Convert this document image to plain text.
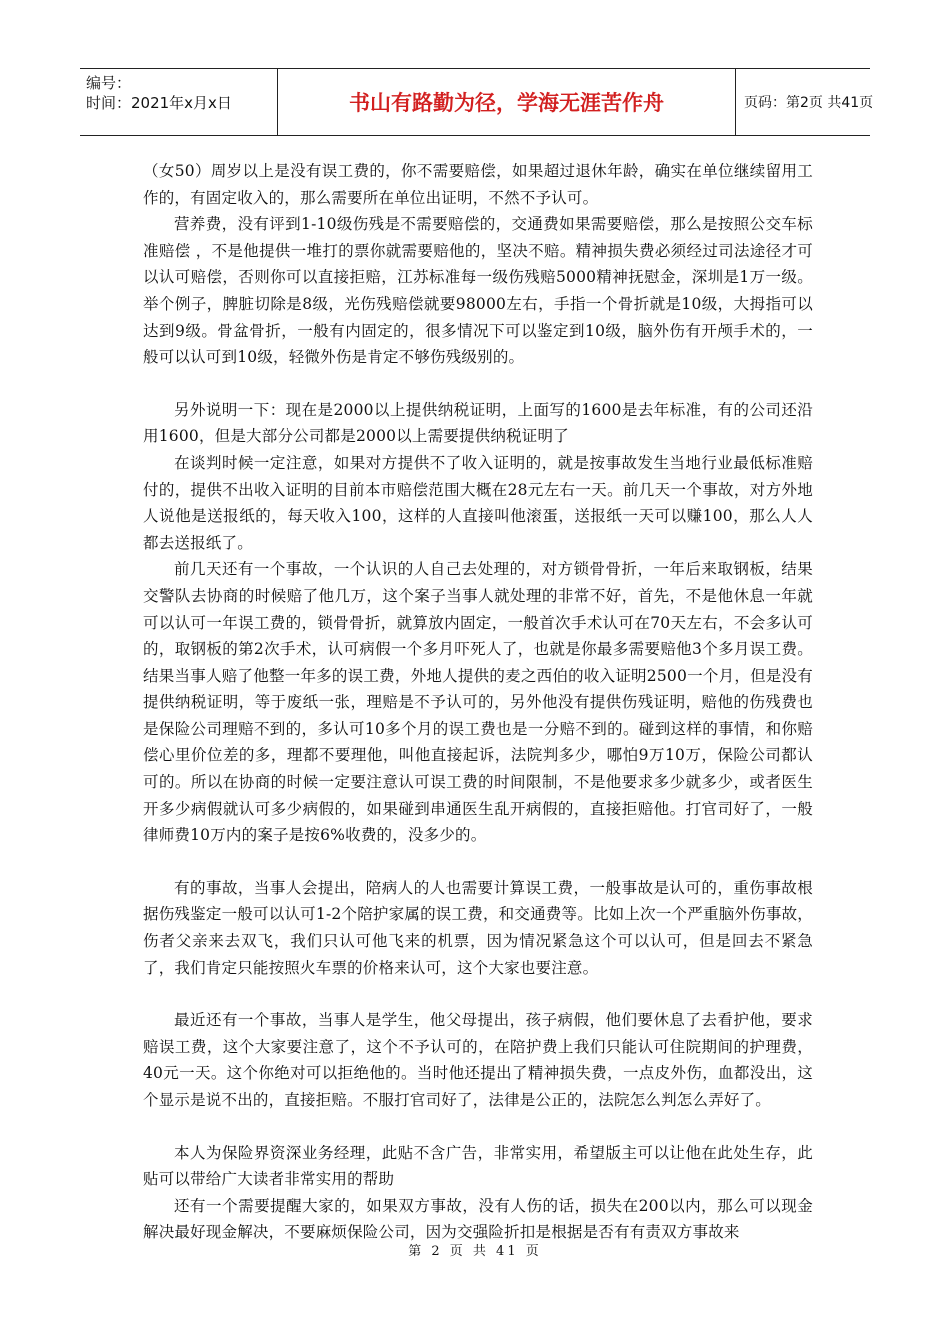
编号：
时间：2021年x月x日	书山有路勤为径，学海无涯苦作舟	页码：第2页 共41页

（女50）周岁以上是没有误工费的，你不需要赔偿，如果超过退休年龄，确实在单位继续留用工作的，有固定收入的，那么需要所在单位出证明，不然不予认可。

营养费，没有评到1-10级伤残是不需要赔偿的，交通费如果需要赔偿，那么是按照公交车标准赔偿 ，不是他提供一堆打的票你就需要赔他的，坚决不赔。精神损失费必须经过司法途径才可以认可赔偿，否则你可以直接拒赔，江苏标准每一级伤残赔5000精神抚慰金，深圳是1万一级。举个例子，脾脏切除是8级，光伤残赔偿就要98000左右，手指一个骨折就是10级，大拇指可以达到9级。骨盆骨折，一般有内固定的，很多情况下可以鉴定到10级，脑外伤有开颅手术的，一般可以认可到10级，轻微外伤是肯定不够伤残级别的。

另外说明一下：现在是2000以上提供纳税证明，上面写的1600是去年标准，有的公司还沿用1600，但是大部分公司都是2000以上需要提供纳税证明了

在谈判时候一定注意，如果对方提供不了收入证明的，就是按事故发生当地行业最低标准赔付的，提供不出收入证明的目前本市赔偿范围大概在28元左右一天。前几天一个事故，对方外地人说他是送报纸的，每天收入100，这样的人直接叫他滚蛋，送报纸一天可以赚100，那么人人都去送报纸了。

前几天还有一个事故，一个认识的人自己去处理的，对方锁骨骨折，一年后来取钢板，结果交警队去协商的时候赔了他几万，这个案子当事人就处理的非常不好，首先，不是他休息一年就可以认可一年误工费的，锁骨骨折，就算放内固定，一般首次手术认可在70天左右，不会多认可的，取钢板的第2次手术，认可病假一个多月吓死人了，也就是你最多需要赔他3个多月误工费。结果当事人赔了他整一年多的误工费，外地人提供的麦之西伯的收入证明2500一个月，但是没有提供纳税证明，等于废纸一张，理赔是不予认可的，另外他没有提供伤残证明，赔他的伤残费也是保险公司理赔不到的，多认可10多个月的误工费也是一分赔不到的。碰到这样的事情，和你赔偿心里价位差的多，理都不要理他，叫他直接起诉，法院判多少，哪怕9万10万，保险公司都认可的。所以在协商的时候一定要注意认可误工费的时间限制，不是他要求多少就多少，或者医生开多少病假就认可多少病假的，如果碰到串通医生乱开病假的，直接拒赔他。打官司好了，一般律师费10万内的案子是按6%收费的，没多少的。

有的事故，当事人会提出，陪病人的人也需要计算误工费，一般事故是认可的，重伤事故根据伤残鉴定一般可以认可1-2个陪护家属的误工费，和交通费等。比如上次一个严重脑外伤事故，伤者父亲来去双飞，我们只认可他飞来的机票，因为情况紧急这个可以认可，但是回去不紧急了，我们肯定只能按照火车票的价格来认可，这个大家也要注意。

最近还有一个事故，当事人是学生，他父母提出，孩子病假，他们要休息了去看护他，要求赔误工费，这个大家要注意了，这个不予认可的，在陪护费上我们只能认可住院期间的护理费，40元一天。这个你绝对可以拒绝他的。当时他还提出了精神损失费，一点皮外伤，血都没出，这个显示是说不出的，直接拒赔。不服打官司好了，法律是公正的，法院怎么判怎么弄好了。

本人为保险界资深业务经理，此贴不含广告，非常实用，希望版主可以让他在此处生存，此贴可以带给广大读者非常实用的帮助

还有一个需要提醒大家的，如果双方事故，没有人伤的话，损失在200以内，那么可以现金解决最好现金解决，不要麻烦保险公司，因为交强险折扣是根据是否有有责双方事故来

第 2 页 共 41 页
